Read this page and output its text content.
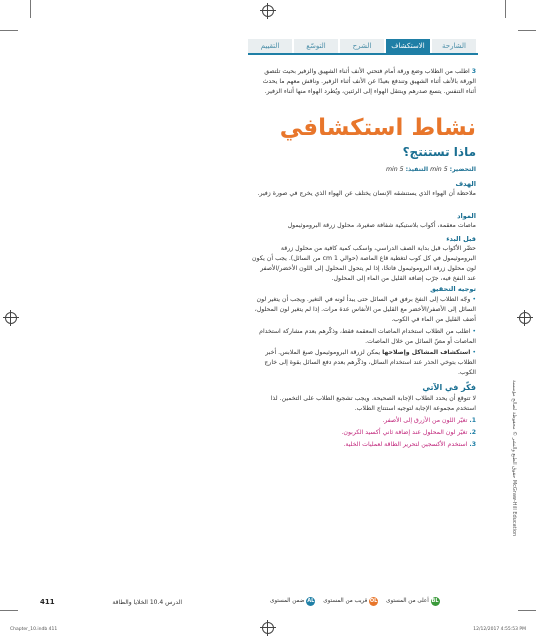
الشارحة
الاستكشاف
الشرح
التوسّع
التقييم
3 اطلب من الطلاب وضع ورقة أمام فتحتي الأنف أثناء الشهيق والزفير بحيث تلتصق الورقة بالأنف أثناء الشهيق وتندفع بعيدًا عن الأنف أثناء الزفير. وناقش معهم ما يحدث أثناء التنفس. يتسع صدرهم وينتقل الهواء إلى الرئتين، ويُطرد الهواء منها أثناء الزفير.
نشاط استكشافي
ماذا تستنتج؟
التحضير: 5 min التنفيذ: 5 min
الهدف
ملاحظة أن الهواء الذي يستنشقه الإنسان يختلف عن الهواء الذي يخرج في صورة زفير.
المواد
ماصات معقمة، أكواب بلاستيكية شفافة صغيرة، محلول زرقة البروموثيمول
قبل البدء
حضّر الأكواب قبل بداية الصف الدراسي، واسكب كمية كافية من محلول زرقة البروموثيمول في كل كوب لتغطية قاع الماصة (حوالي 1 cm من السائل). يجب أن يكون لون محلول زرقة البروموثيمول فاتحًا، إذا لم يتحول المحلول إلى اللون الأخضر/الأصفر عند النفخ فيه، جرّب إضافة القليل من الماء إلى المحلول.
توجيه التحقيق
• وجّه الطلاب إلى النفخ برفق في السائل حتى يبدأ لونه في التغير. ويجب أن يتغير لون السائل إلى الأصفر/الأخضر مع القليل من الأنفاس عدة مرات. إذا لم يتغير لون المحلول، أضف القليل من الماء في الكوب.
• اطلب من الطلاب استخدام الماصات المعقمة فقط، وذكّرهم بعدم مشاركة استخدام الماصات أو مصّ السائل من خلال الماصات.
• استكشاف المشاكل وإصلاحها يمكن لزرقة البروموثيمول صبغ الملابس. أخبر الطلاب بتوخي الحذر عند استخدام السائل، وذكّرهم بعدم دفع السائل بقوة إلى خارج الكوب.
فكّر في الآتي
لا تتوقع أن يحدد الطلاب الإجابة الصحيحة. ويجب تشجيع الطلاب على التخمين. لذا استخدم مجموعة الإجابة لتوجيه استنتاج الطلاب.
1. تغيّر اللون من الأزرق إلى الأصفر.
2. تغيّر لون المحلول عند إضافة ثاني أكسيد الكربون.
3. استخدم الأكسجين لتحرير الطاقة لعمليات الخلية.	حقوق الطبع والنشر © محفوظة لصالح مؤسسة McGraw-Hill Education
411	الدرس 10.4 الخلايا والطاقة	AL ضمن المستوى	OL قريب من المستوى	BL أعلى من المستوى
Chapter_10.indb 411	12/12/2017 4:55:53 PM
